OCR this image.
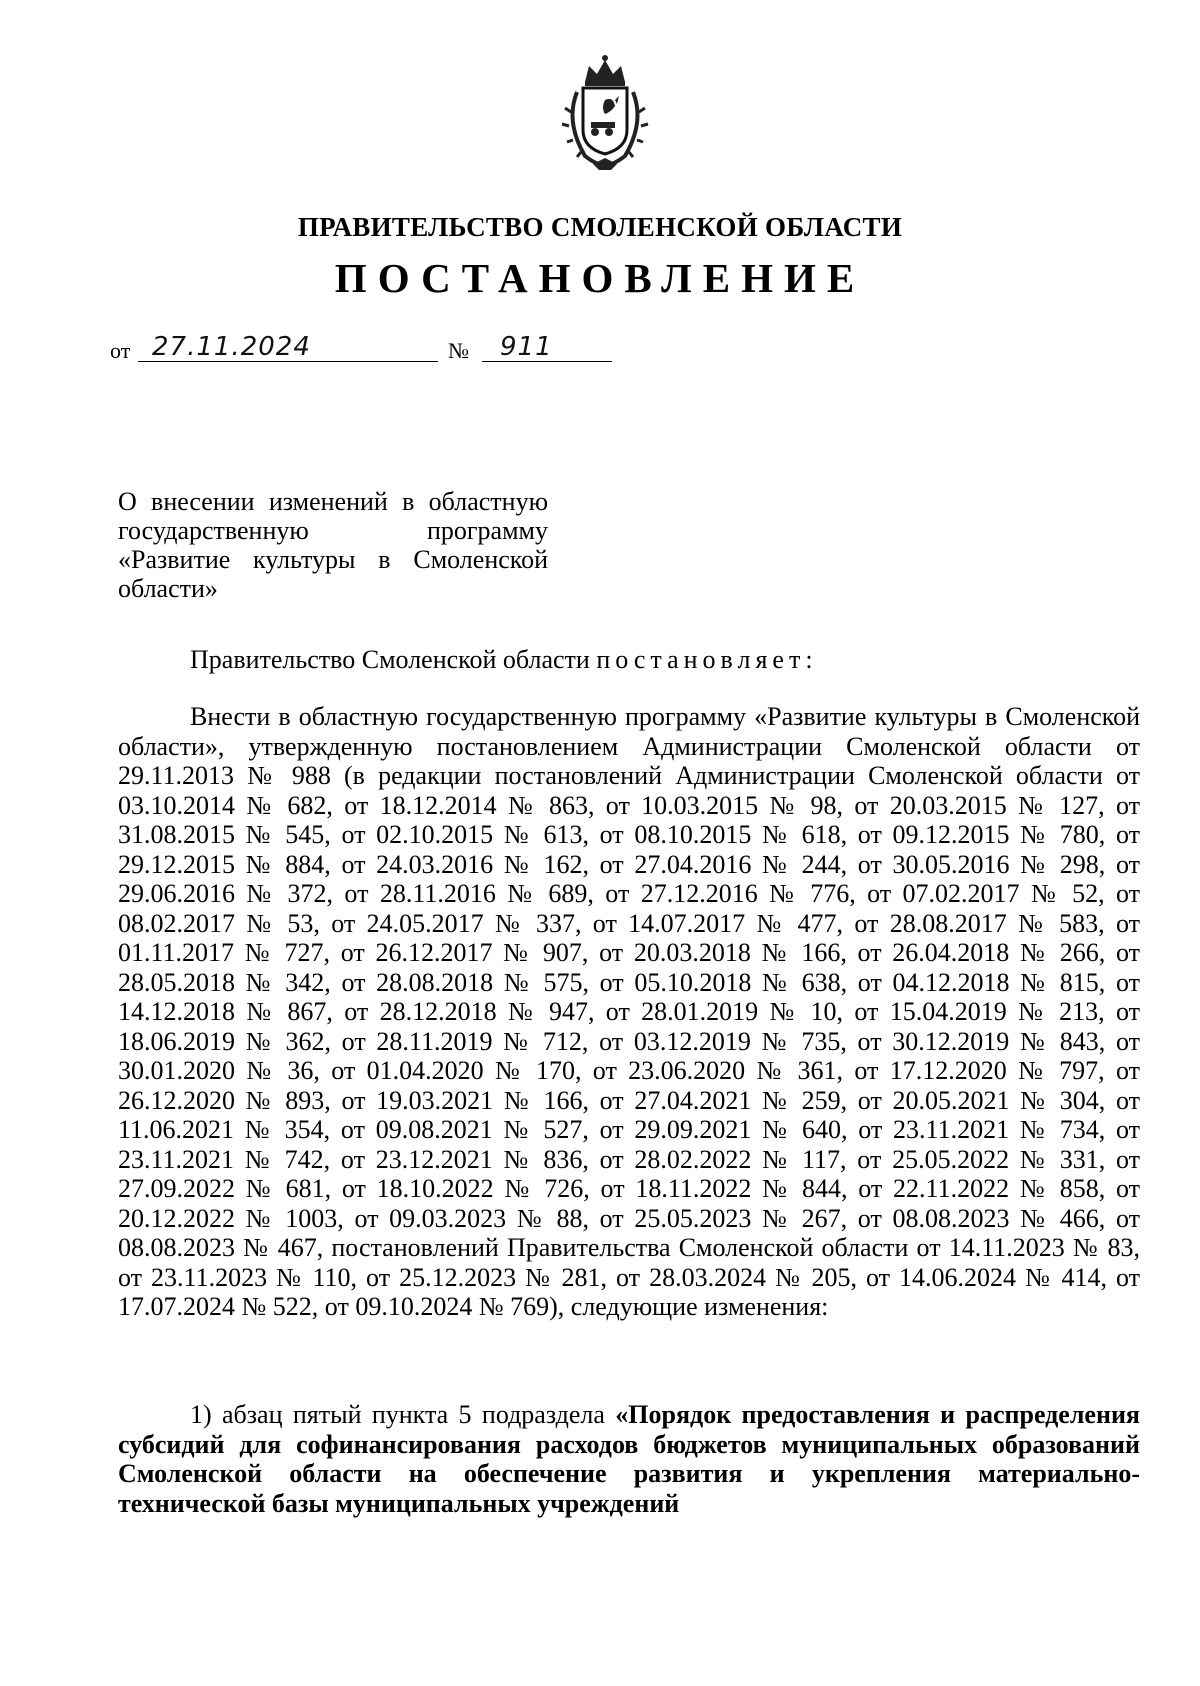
ПРАВИТЕЛЬСТВО СМОЛЕНСКОЙ ОБЛАСТИ
ПОСТАНОВЛЕНИЕ
от 27.11.2024	№ 911
О внесении изменений в областную государственную программу «Развитие культуры в Смоленской области»
Правительство Смоленской области постановляет:
Внести в областную государственную программу «Развитие культуры в Смоленской области», утвержденную постановлением Администрации Смоленской области от 29.11.2013 № 988 (в редакции постановлений Администрации Смоленской области от 03.10.2014 № 682, от 18.12.2014 № 863, от 10.03.2015 № 98, от 20.03.2015 № 127, от 31.08.2015 № 545, от 02.10.2015 № 613, от 08.10.2015 № 618, от 09.12.2015 № 780, от 29.12.2015 № 884, от 24.03.2016 № 162, от 27.04.2016 № 244, от 30.05.2016 № 298, от 29.06.2016 № 372, от 28.11.2016 № 689, от 27.12.2016 № 776, от 07.02.2017 № 52, от 08.02.2017 № 53, от 24.05.2017 № 337, от 14.07.2017 № 477, от 28.08.2017 № 583, от 01.11.2017 № 727, от 26.12.2017 № 907, от 20.03.2018 № 166, от 26.04.2018 № 266, от 28.05.2018 № 342, от 28.08.2018 № 575, от 05.10.2018 № 638, от 04.12.2018 № 815, от 14.12.2018 № 867, от 28.12.2018 № 947, от 28.01.2019 № 10, от 15.04.2019 № 213, от 18.06.2019 № 362, от 28.11.2019 № 712, от 03.12.2019 № 735, от 30.12.2019 № 843, от 30.01.2020 № 36, от 01.04.2020 № 170, от 23.06.2020 № 361, от 17.12.2020 № 797, от 26.12.2020 № 893, от 19.03.2021 № 166, от 27.04.2021 № 259, от 20.05.2021 № 304, от 11.06.2021 № 354, от 09.08.2021 № 527, от 29.09.2021 № 640, от 23.11.2021 № 734, от 23.11.2021 № 742, от 23.12.2021 № 836, от 28.02.2022 № 117, от 25.05.2022 № 331, от 27.09.2022 № 681, от 18.10.2022 № 726, от 18.11.2022 № 844, от 22.11.2022 № 858, от 20.12.2022 № 1003, от 09.03.2023 № 88, от 25.05.2023 № 267, от 08.08.2023 № 466, от 08.08.2023 № 467, постановлений Правительства Смоленской области от 14.11.2023 № 83, от 23.11.2023 № 110, от 25.12.2023 № 281, от 28.03.2024 № 205, от 14.06.2024 № 414, от 17.07.2024 № 522, от 09.10.2024 № 769), следующие изменения:
1) абзац пятый пункта 5 подраздела «Порядок предоставления и распределения субсидий для софинансирования расходов бюджетов муниципальных образований Смоленской области на обеспечение развития и укрепления материально-технической базы муниципальных учреждений
